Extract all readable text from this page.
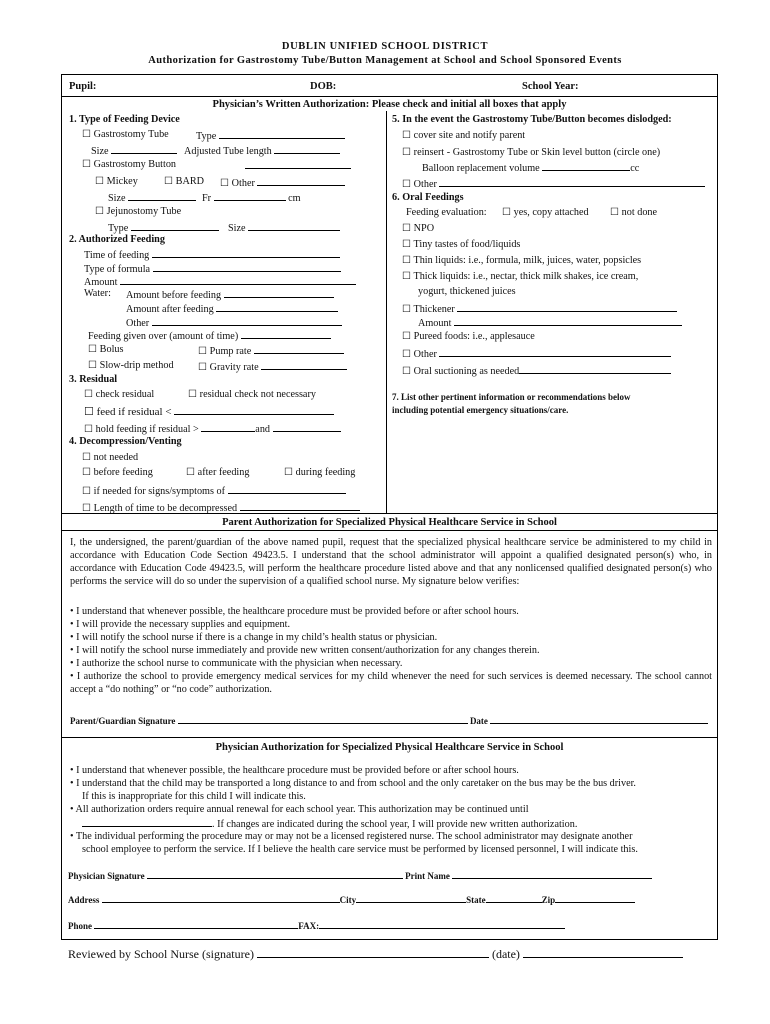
DUBLIN UNIFIED SCHOOL DISTRICT
Authorization for Gastrostomy Tube/Button Management at School and School Sponsored Events
Pupil:	DOB:	School Year:
Physician’s Written Authorization: Please check and initial all boxes that apply
1. Type of Feeding Device
☐ Gastrostomy Tube	Type
Size	Adjusted Tube length
☐ Gastrostomy Button
☐ Mickey	☐ BARD ☐ Other
Size	Fr	cm
☐ Jejunostomy Tube
Type	Size
2. Authorized Feeding
Time of feeding
Type of formula
Amount
Water: Amount before feeding
Amount after feeding
Other
Feeding given over (amount of time)
☐ Bolus	☐ Pump rate
☐ Slow-drip method ☐ Gravity rate
3. Residual
☐ check residual	☐ residual check not necessary
☐ feed if residual <
☐ hold feeding if residual >	and
4. Decompression/Venting
☐ not needed
☐ before feeding	☐ after feeding	☐ during feeding
☐ if needed for signs/symptoms of
☐ Length of time to be decompressed
5. In the event the Gastrostomy Tube/Button becomes dislodged:
☐ cover site and notify parent
☐ reinsert - Gastrostomy Tube or Skin level button (circle one)
Balloon replacement volume	cc
☐ Other
6. Oral Feedings
Feeding evaluation: ☐ yes, copy attached ☐ not done
☐ NPO
☐ Tiny tastes of food/liquids
☐ Thin liquids: i.e., formula, milk, juices, water, popsicles
☐ Thick liquids: i.e., nectar, thick milk shakes, ice cream,
yogurt, thickened juices
☐ Thickener
Amount
☐ Pureed foods: i.e., applesauce
☐ Other
☐ Oral suctioning as needed
7. List other pertinent information or recommendations below
including potential emergency situations/care.
Parent Authorization for Specialized Physical Healthcare Service in School
I, the undersigned, the parent/guardian of the above named pupil, request that the specialized physical healthcare service be administered to my child in accordance with Education Code Section 49423.5. I understand that the school administrator will appoint a qualified designated person(s) who, in accordance with Education Code 49423.5, will perform the healthcare procedure listed above and that any nonlicensed qualified designated person(s) who performs the service will do so under the supervision of a qualified school nurse. My signature below verifies:
• I understand that whenever possible, the healthcare procedure must be provided before or after school hours.
• I will provide the necessary supplies and equipment.
• I will notify the school nurse if there is a change in my child’s health status or physician.
• I will notify the school nurse immediately and provide new written consent/authorization for any changes therein.
• I authorize the school nurse to communicate with the physician when necessary.
• I authorize the school to provide emergency medical services for my child whenever the need for such services is deemed necessary. The school cannot accept a “do nothing” or “no code” authorization.
Parent/Guardian Signature	Date
Physician Authorization for Specialized Physical Healthcare Service in School
• I understand that whenever possible, the healthcare procedure must be provided before or after school hours.
• I understand that the child may be transported a long distance to and from school and the only caretaker on the bus may be the bus driver.
If this is inappropriate for this child I will indicate this.
• All authorization orders require annual renewal for each school year. This authorization may be continued until
. If changes are indicated during the school year, I will provide new written authorization.
• The individual performing the procedure may or may not be a licensed registered nurse. The school administrator may designate another
school employee to perform the service. If I believe the health care service must be performed by licensed personnel, I will indicate this.
Physician Signature	Print Name
Address	City	State	Zip
Phone	FAX:
Reviewed by School Nurse (signature)	(date)
